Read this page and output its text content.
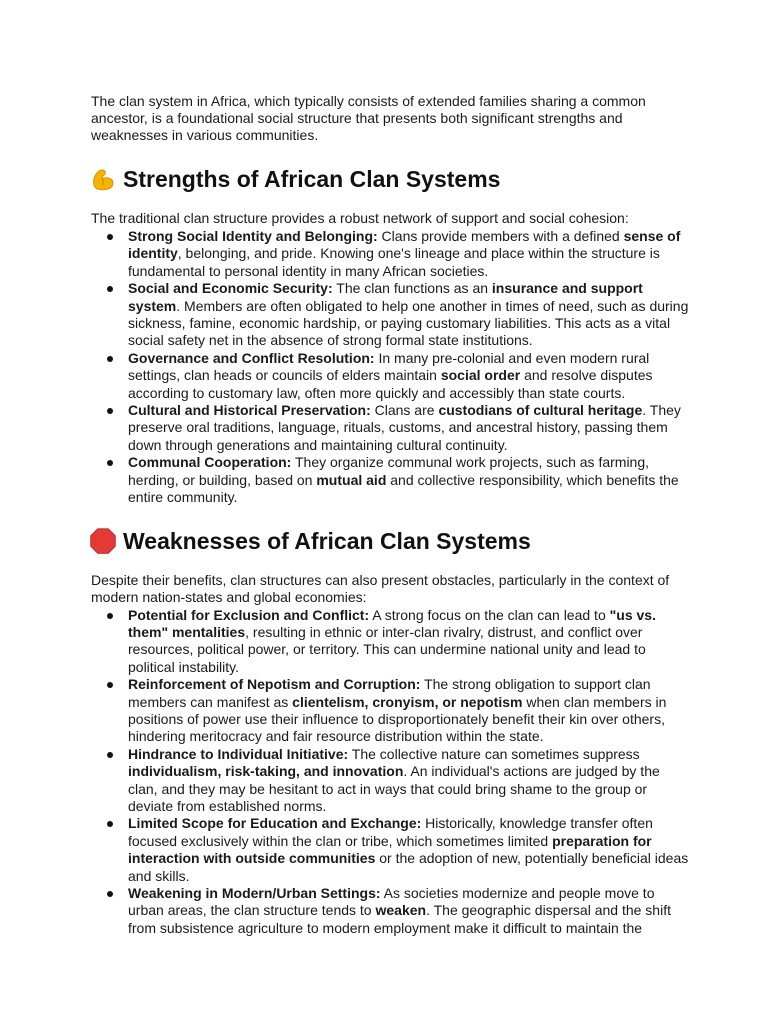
The clan system in Africa, which typically consists of extended families sharing a common ancestor, is a foundational social structure that presents both significant strengths and weaknesses in various communities.

Strengths of African Clan Systems

The traditional clan structure provides a robust network of support and social cohesion:

Strong Social Identity and Belonging: Clans provide members with a defined sense of identity, belonging, and pride. Knowing one's lineage and place within the structure is fundamental to personal identity in many African societies.
Social and Economic Security: The clan functions as an insurance and support system. Members are often obligated to help one another in times of need, such as during sickness, famine, economic hardship, or paying customary liabilities. This acts as a vital social safety net in the absence of strong formal state institutions.
Governance and Conflict Resolution: In many pre-colonial and even modern rural settings, clan heads or councils of elders maintain social order and resolve disputes according to customary law, often more quickly and accessibly than state courts.
Cultural and Historical Preservation: Clans are custodians of cultural heritage. They preserve oral traditions, language, rituals, customs, and ancestral history, passing them down through generations and maintaining cultural continuity.
Communal Cooperation: They organize communal work projects, such as farming, herding, or building, based on mutual aid and collective responsibility, which benefits the entire community.
Weaknesses of African Clan Systems

Despite their benefits, clan structures can also present obstacles, particularly in the context of modern nation-states and global economies:

Potential for Exclusion and Conflict: A strong focus on the clan can lead to "us vs. them" mentalities, resulting in ethnic or inter-clan rivalry, distrust, and conflict over resources, political power, or territory. This can undermine national unity and lead to political instability.
Reinforcement of Nepotism and Corruption: The strong obligation to support clan members can manifest as clientelism, cronyism, or nepotism when clan members in positions of power use their influence to disproportionately benefit their kin over others, hindering meritocracy and fair resource distribution within the state.
Hindrance to Individual Initiative: The collective nature can sometimes suppress individualism, risk-taking, and innovation. An individual's actions are judged by the clan, and they may be hesitant to act in ways that could bring shame to the group or deviate from established norms.
Limited Scope for Education and Exchange: Historically, knowledge transfer often focused exclusively within the clan or tribe, which sometimes limited preparation for interaction with outside communities or the adoption of new, potentially beneficial ideas and skills.
Weakening in Modern/Urban Settings: As societies modernize and people move to urban areas, the clan structure tends to weaken. The geographic dispersal and the shift from subsistence agriculture to modern employment make it difficult to maintain the
